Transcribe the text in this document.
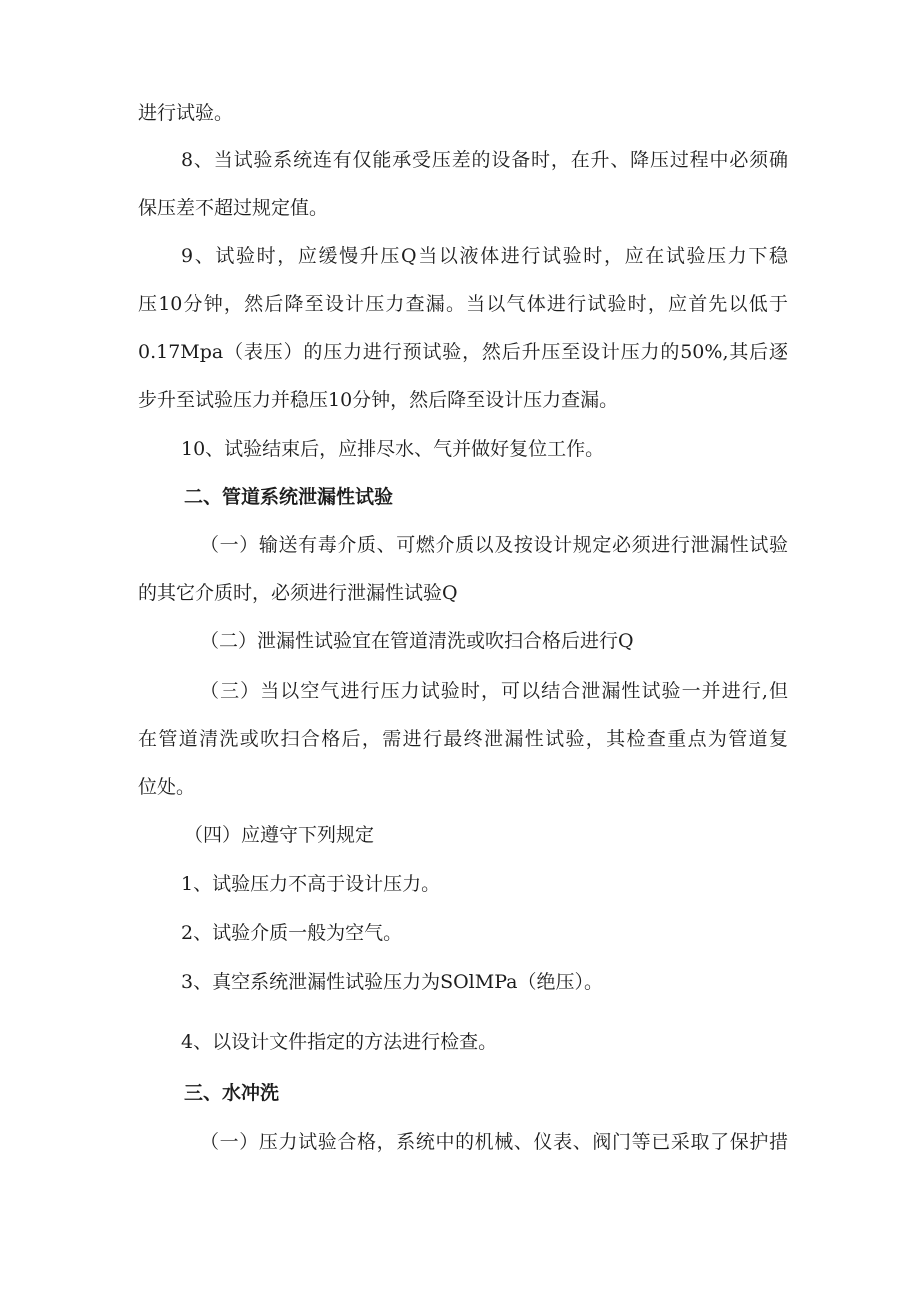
进行试验。
8、当试验系统连有仅能承受压差的设备时，在升、降压过程中必须确
保压差不超过规定值。
9、试验时，应缓慢升压Q当以液体进行试验时，应在试验压力下稳
压10分钟，然后降至设计压力查漏。当以气体进行试验时，应首先以低于
0.17Mpa（表压）的压力进行预试验，然后升压至设计压力的50%,其后逐
步升至试验压力并稳压10分钟，然后降至设计压力查漏。
10、试验结束后，应排尽水、气并做好复位工作。
二、管道系统泄漏性试验
（一）输送有毒介质、可燃介质以及按设计规定必须进行泄漏性试验
的其它介质时，必须进行泄漏性试验Q
（二）泄漏性试验宜在管道清洗或吹扫合格后进行Q
（三）当以空气进行压力试验时，可以结合泄漏性试验一并进行,但
在管道清洗或吹扫合格后，需进行最终泄漏性试验，其检查重点为管道复
位处。
（四）应遵守下列规定
1、试验压力不高于设计压力。
2、试验介质一般为空气。
3、真空系统泄漏性试验压力为SOlMPa（绝压）。
4、以设计文件指定的方法进行检查。
三、水冲洗
（一）压力试验合格，系统中的机械、仪表、阀门等已采取了保护措
